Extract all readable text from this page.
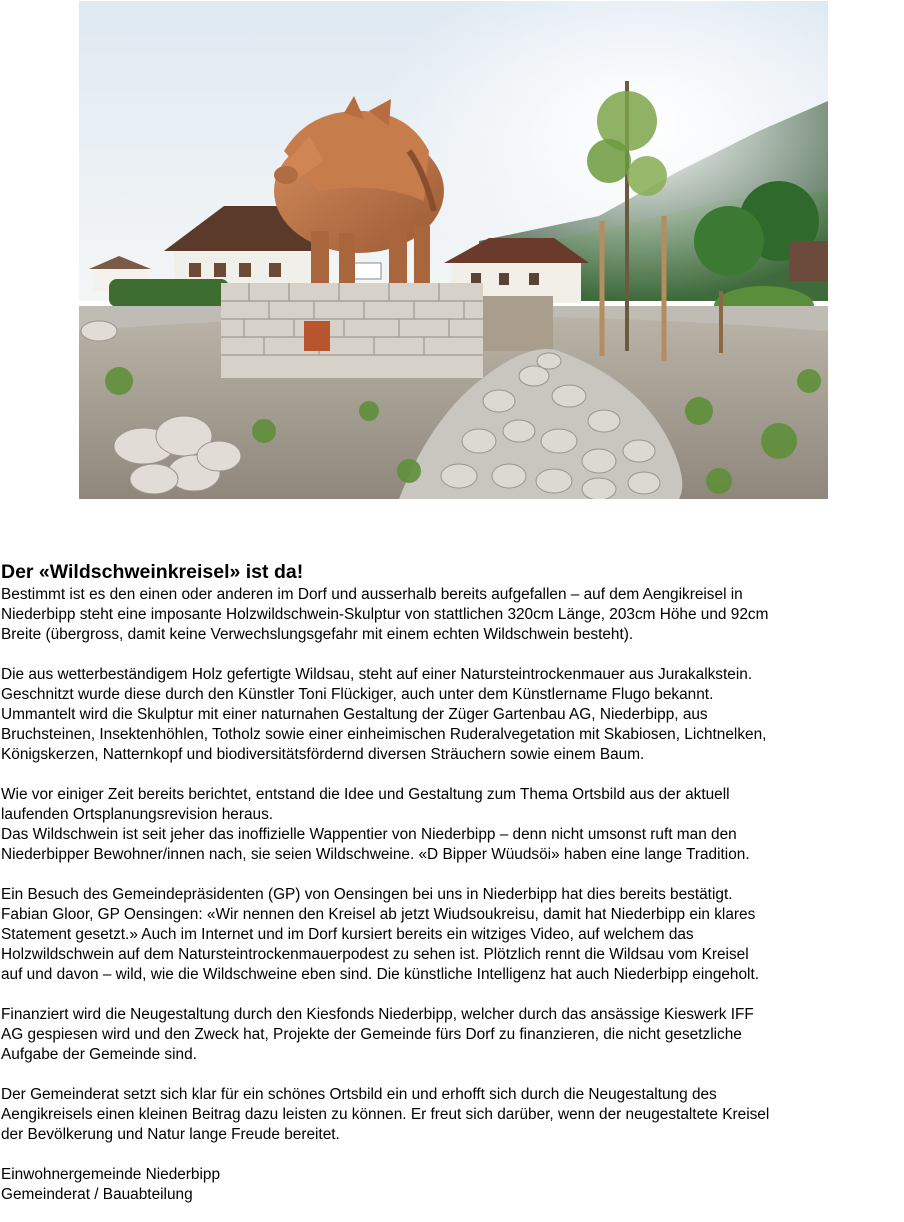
Der «Wildschweinkreisel» ist da!
Bestimmt ist es den einen oder anderen im Dorf und ausserhalb bereits aufgefallen – auf dem Aengikreisel in
Niederbipp steht eine imposante Holzwildschwein-Skulptur von stattlichen 320cm Länge, 203cm Höhe und 92cm
Breite (übergross, damit keine Verwechslungsgefahr mit einem echten Wildschwein besteht).
Die aus wetterbeständigem Holz gefertigte Wildsau, steht auf einer Natursteintrockenmauer aus Jurakalkstein.
Geschnitzt wurde diese durch den Künstler Toni Flückiger, auch unter dem Künstlername Flugo bekannt.
Ummantelt wird die Skulptur mit einer naturnahen Gestaltung der Züger Gartenbau AG, Niederbipp, aus
Bruchsteinen, Insektenhöhlen, Totholz sowie einer einheimischen Ruderalvegetation mit Skabiosen, Lichtnelken,
Königskerzen, Natternkopf und biodiversitätsfördernd diversen Sträuchern sowie einem Baum.
Wie vor einiger Zeit bereits berichtet, entstand die Idee und Gestaltung zum Thema Ortsbild aus der aktuell
laufenden Ortsplanungsrevision heraus.
Das Wildschwein ist seit jeher das inoffizielle Wappentier von Niederbipp – denn nicht umsonst ruft man den
Niederbipper Bewohner/innen nach, sie seien Wildschweine. «D Bipper Wüudsöi» haben eine lange Tradition.
Ein Besuch des Gemeindepräsidenten (GP) von Oensingen bei uns in Niederbipp hat dies bereits bestätigt.
Fabian Gloor, GP Oensingen: «Wir nennen den Kreisel ab jetzt Wiudsoukreisu, damit hat Niederbipp ein klares
Statement gesetzt.» Auch im Internet und im Dorf kursiert bereits ein witziges Video, auf welchem das
Holzwildschwein auf dem Natursteintrockenmauerpodest zu sehen ist. Plötzlich rennt die Wildsau vom Kreisel
auf und davon – wild, wie die Wildschweine eben sind. Die künstliche Intelligenz hat auch Niederbipp eingeholt.
Finanziert wird die Neugestaltung durch den Kiesfonds Niederbipp, welcher durch das ansässige Kieswerk IFF
AG gespiesen wird und den Zweck hat, Projekte der Gemeinde fürs Dorf zu finanzieren, die nicht gesetzliche
Aufgabe der Gemeinde sind.
Der Gemeinderat setzt sich klar für ein schönes Ortsbild ein und erhofft sich durch die Neugestaltung des
Aengikreisels einen kleinen Beitrag dazu leisten zu können. Er freut sich darüber, wenn der neugestaltete Kreisel
der Bevölkerung und Natur lange Freude bereitet.
Einwohnergemeinde Niederbipp
Gemeinderat / Bauabteilung
